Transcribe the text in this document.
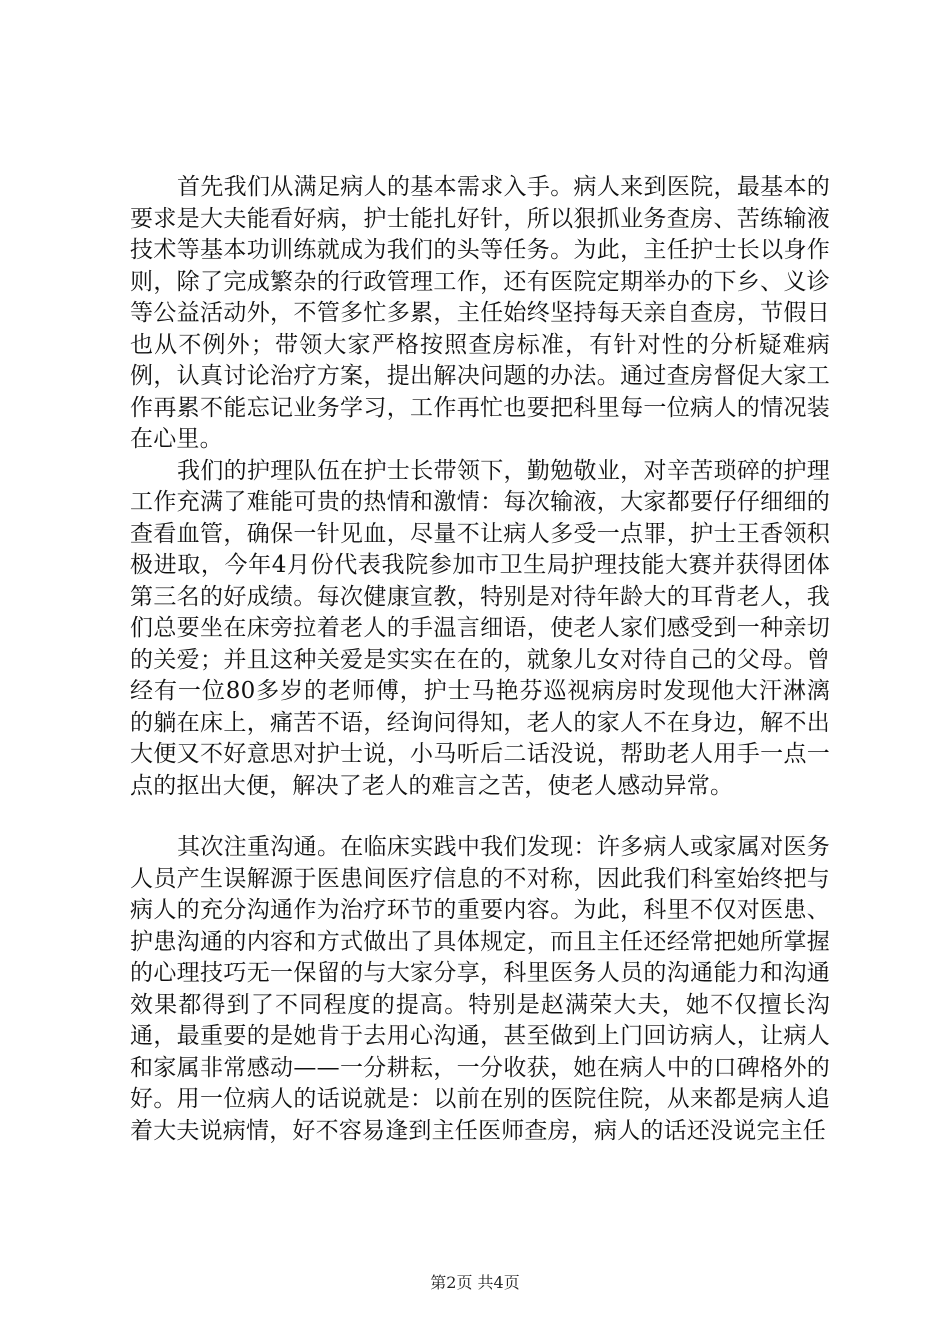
首先我们从满足病人的基本需求入手。病人来到医院，最基本的要求是大夫能看好病，护士能扎好针，所以狠抓业务查房、苦练输液技术等基本功训练就成为我们的头等任务。为此，主任护士长以身作则，除了完成繁杂的行政管理工作，还有医院定期举办的下乡、义诊等公益活动外，不管多忙多累，主任始终坚持每天亲自查房，节假日也从不例外；带领大家严格按照查房标准，有针对性的分析疑难病例，认真讨论治疗方案，提出解决问题的办法。通过查房督促大家工作再累不能忘记业务学习，工作再忙也要把科里每一位病人的情况装在心里。

我们的护理队伍在护士长带领下，勤勉敬业，对辛苦琐碎的护理工作充满了难能可贵的热情和激情：每次输液，大家都要仔仔细细的查看血管，确保一针见血，尽量不让病人多受一点罪，护士王香领积极进取，今年4月份代表我院参加市卫生局护理技能大赛并获得团体第三名的好成绩。每次健康宣教，特别是对待年龄大的耳背老人，我们总要坐在床旁拉着老人的手温言细语，使老人家们感受到一种亲切的关爱；并且这种关爱是实实在在的，就象儿女对待自己的父母。曾经有一位80多岁的老师傅，护士马艳芬巡视病房时发现他大汗淋漓的躺在床上，痛苦不语，经询问得知，老人的家人不在身边，解不出大便又不好意思对护士说，小马听后二话没说，帮助老人用手一点一点的抠出大便，解决了老人的难言之苦，使老人感动异常。

其次注重沟通。在临床实践中我们发现：许多病人或家属对医务人员产生误解源于医患间医疗信息的不对称，因此我们科室始终把与病人的充分沟通作为治疗环节的重要内容。为此，科里不仅对医患、护患沟通的内容和方式做出了具体规定，而且主任还经常把她所掌握的心理技巧无一保留的与大家分享，科里医务人员的沟通能力和沟通效果都得到了不同程度的提高。特别是赵满荣大夫，她不仅擅长沟通，最重要的是她肯于去用心沟通，甚至做到上门回访病人，让病人和家属非常感动——一分耕耘，一分收获，她在病人中的口碑格外的好。用一位病人的话说就是：以前在别的医院住院，从来都是病人追着大夫说病情，好不容易逢到主任医师查房，病人的话还没说完主任

第2页 共4页
